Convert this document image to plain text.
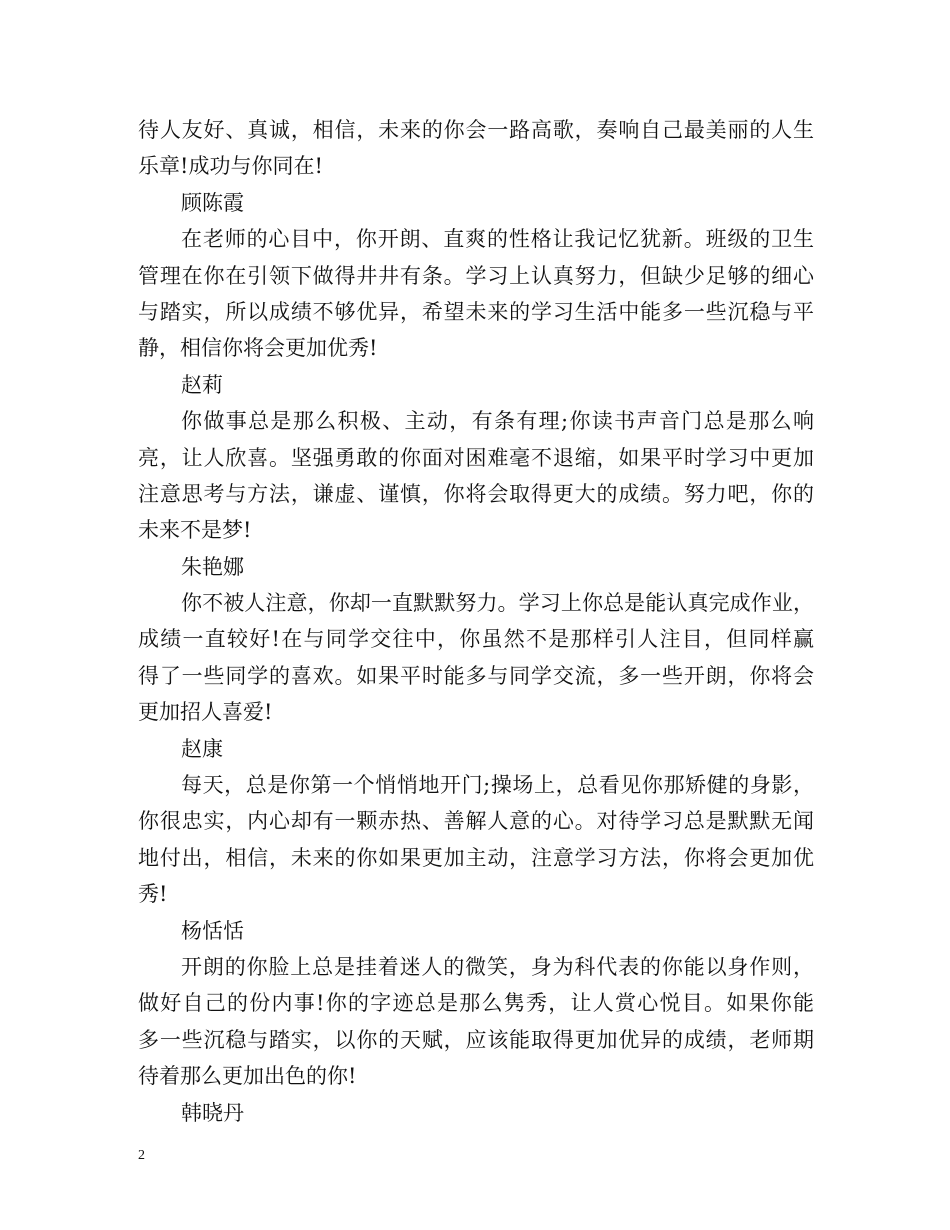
待人友好、真诚，相信，未来的你会一路高歌，奏响自己最美丽的人生
乐章!成功与你同在!
顾陈霞
在老师的心目中，你开朗、直爽的性格让我记忆犹新。班级的卫生
管理在你在引领下做得井井有条。学习上认真努力，但缺少足够的细心
与踏实，所以成绩不够优异，希望未来的学习生活中能多一些沉稳与平
静，相信你将会更加优秀!
赵莉
你做事总是那么积极、主动，有条有理;你读书声音门总是那么响
亮，让人欣喜。坚强勇敢的你面对困难毫不退缩，如果平时学习中更加
注意思考与方法，谦虚、谨慎，你将会取得更大的成绩。努力吧，你的
未来不是梦!
朱艳娜
你不被人注意，你却一直默默努力。学习上你总是能认真完成作业，
成绩一直较好!在与同学交往中，你虽然不是那样引人注目，但同样赢
得了一些同学的喜欢。如果平时能多与同学交流，多一些开朗，你将会
更加招人喜爱!
赵康
每天，总是你第一个悄悄地开门;操场上，总看见你那矫健的身影，
你很忠实，内心却有一颗赤热、善解人意的心。对待学习总是默默无闻
地付出，相信，未来的你如果更加主动，注意学习方法，你将会更加优
秀!
杨恬恬
开朗的你脸上总是挂着迷人的微笑，身为科代表的你能以身作则，
做好自己的份内事!你的字迹总是那么隽秀，让人赏心悦目。如果你能
多一些沉稳与踏实，以你的天赋，应该能取得更加优异的成绩，老师期
待着那么更加出色的你!
韩晓丹
2
